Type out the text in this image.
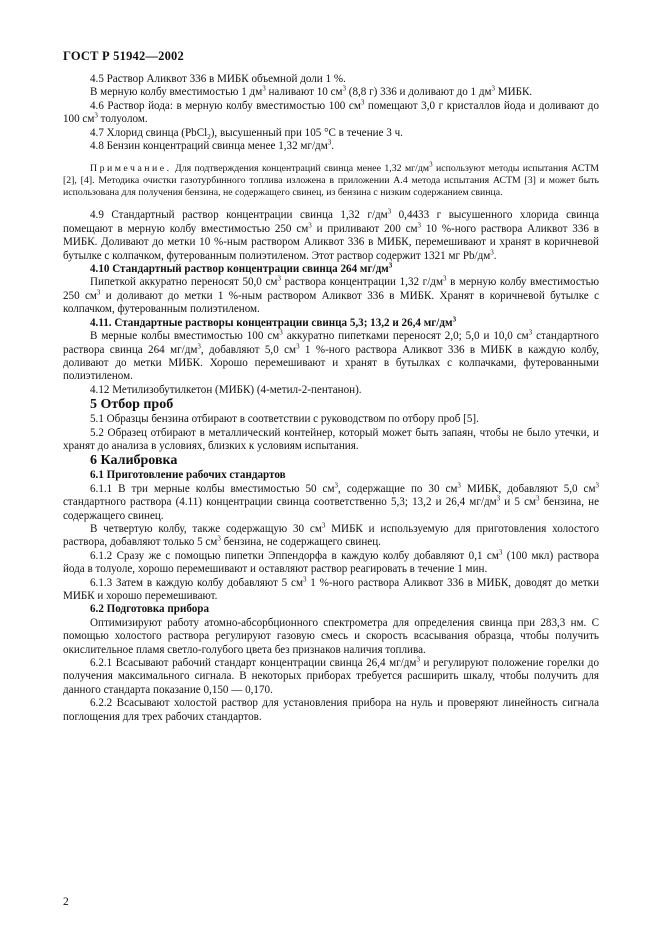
ГОСТ Р 51942—2002

4.5 Раствор Аликвот 336 в МИБК объемной доли 1 %.

В мерную колбу вместимостью 1 $дм^3$ наливают 10 $см^3$ (8,8 г) 336 и доливают до 1 $дм^3$ МИБК.

4.6 Раствор йода: в мерную колбу вместимостью 100 $см^3$ помещают 3,0 г кристаллов йода и доливают до 100 $см^3$ толуолом.

4.7 Хлорид свинца (PbCl$_2$), высушенный при 105 °С в течение 3 ч.

4.8 Бензин концентраций свинца менее 1,32 $мг/дм^3$.

Примечание. Для подтверждения концентраций свинца менее 1,32 $мг/дм^3$ используют методы испытания АСТМ [2], [4]. Методика очистки газотурбинного топлива изложена в приложении А.4 метода испытания АСТМ [3] и может быть использована для получения бензина, не содержащего свинец, из бензина с низким содержанием свинца.

4.9 Стандартный раствор концентрации свинца 1,32 $г/дм^3$ 0,4433 г высушенного хлорида свинца помещают в мерную колбу вместимостью 250 $см^3$ и приливают 200 $см^3$ 10 %-ного раствора Аликвот 336 в МИБК. Доливают до метки 10 %-ным раствором Аликвот 336 в МИБК, перемешивают и хранят в коричневой бутылке с колпачком, футерованным полиэтиленом. Этот раствор содержит 1321 мг $Pb/дм^3$.

4.10 Стандартный раствор концентрации свинца 264 $мг/дм^3$

Пипеткой аккуратно переносят 50,0 $см^3$ раствора концентрации 1,32 $г/дм^3$ в мерную колбу вместимостью 250 $см^3$ и доливают до метки 1 %-ным раствором Аликвот 336 в МИБК. Хранят в коричневой бутылке с колпачком, футерованным полиэтиленом.

4.11. Стандартные растворы концентрации свинца 5,3; 13,2 и 26,4 $мг/дм^3$

В мерные колбы вместимостью 100 $см^3$ аккуратно пипетками переносят 2,0; 5,0 и 10,0 $см^3$ стандартного раствора свинца 264 $мг/дм^3$, добавляют 5,0 $см^3$ 1 %-ного раствора Аликвот 336 в МИБК в каждую колбу, доливают до метки МИБК. Хорошо перемешивают и хранят в бутылках с колпачками, футерованными полиэтиленом.

4.12 Метилизобутилкетон (МИБК) (4-метил-2-пентанон).

5 Отбор проб

5.1 Образцы бензина отбирают в соответствии с руководством по отбору проб [5].

5.2 Образец отбирают в металлический контейнер, который может быть запаян, чтобы не было утечки, и хранят до анализа в условиях, близких к условиям испытания.

6 Калибровка

6.1 Приготовление рабочих стандартов

6.1.1 В три мерные колбы вместимостью 50 $см^3$, содержащие по 30 $см^3$ МИБК, добавляют 5,0 $см^3$ стандартного раствора (4.11) концентрации свинца соответственно 5,3; 13,2 и 26,4 $мг/дм^3$ и 5 $см^3$ бензина, не содержащего свинец.

В четвертую колбу, также содержащую 30 $см^3$ МИБК и используемую для приготовления холостого раствора, добавляют только 5 $см^3$ бензина, не содержащего свинец.

6.1.2 Сразу же с помощью пипетки Эппендорфа в каждую колбу добавляют 0,1 $см^3$ (100 мкл) раствора йода в толуоле, хорошо перемешивают и оставляют раствор реагировать в течение 1 мин.

6.1.3 Затем в каждую колбу добавляют 5 $см^3$ 1 %-ного раствора Аликвот 336 в МИБК, доводят до метки МИБК и хорошо перемешивают.

6.2 Подготовка прибора

Оптимизируют работу атомно-абсорбционного спектрометра для определения свинца при 283,3 нм. С помощью холостого раствора регулируют газовую смесь и скорость всасывания образца, чтобы получить окислительное пламя светло-голубого цвета без признаков наличия топлива.

6.2.1 Всасывают рабочий стандарт концентрации свинца 26,4 $мг/дм^3$ и регулируют положение горелки до получения максимального сигнала. В некоторых приборах требуется расширить шкалу, чтобы получить для данного стандарта показание 0,150 — 0,170.

6.2.2 Всасывают холостой раствор для установления прибора на нуль и проверяют линейность сигнала поглощения для трех рабочих стандартов.

2
